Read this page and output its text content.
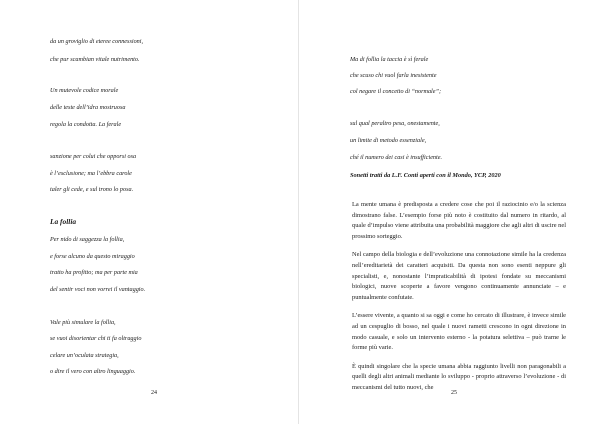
da un groviglio di eteree connessioni,
che pur scambian vitale nutrimento.
Un mutevole codice morale
delle teste dell’idra mostruosa
regola la condotta. La ferale
sanzione per colui che opporsi osa
è l’esclusione; ma l’ebbra carole
taler gli cede, e sul trono lo posa.
La follia
Per nido di saggezza la follia,
e forse alcuno da questo miraggio
tratto ha profitto; ma per parte mia
del sentir voci non vorrei il vantaggio.
Vale più simulare la follia,
se vuoi disorientar chi ti fa oltraggio
celare un’oculata strategia,
o dire il vero con altro linguaggio.
24
Ma di follia la taccia è sì ferale
che scuso chi vuol farla inesistente
col negare il concetto di “normale”;
sul qual peraltro pesa, onestamente,
un limite di metodo essenziale,
ché il numero dei casi è insufficiente.
Sonetti tratti da L.F. Conti aperti con il Mondo, YCP, 2020

La mente umana è predisposta a credere cose che poi il raziocinio e/o la scienza dimostrano false. L’esempio forse più noto è costituito dal numero in ritardo, al quale d’impulso viene attribuita una probabilità maggiore che agli altri di uscire nel prossimo sorteggio.

Nel campo della biologia e dell’evoluzione una connotazione simile ha la credenza nell’ereditarietà dei caratteri acquisiti. Da questa non sono esenti neppure gli specialisti, e, nonostante l’impraticabilità di ipotesi fondate su meccanismi biologici, nuove scoperte a favore vengono continuamente annunciate – e puntualmente confutate.

L’essere vivente, a quanto si sa oggi e come ho cercato di illustrare, è invece simile ad un cespuglio di bosso, nel quale i nuovi rametti crescono in ogni direzione in modo casuale, e solo un intervento esterno - la potatura selettiva – può trarne le forme più varie.

È quindi singolare che la specie umana abbia raggiunto livelli non paragonabili a quelli degli altri animali mediante lo sviluppo - proprio attraverso l’evoluzione - di meccanismi del tutto nuovi, che

25
